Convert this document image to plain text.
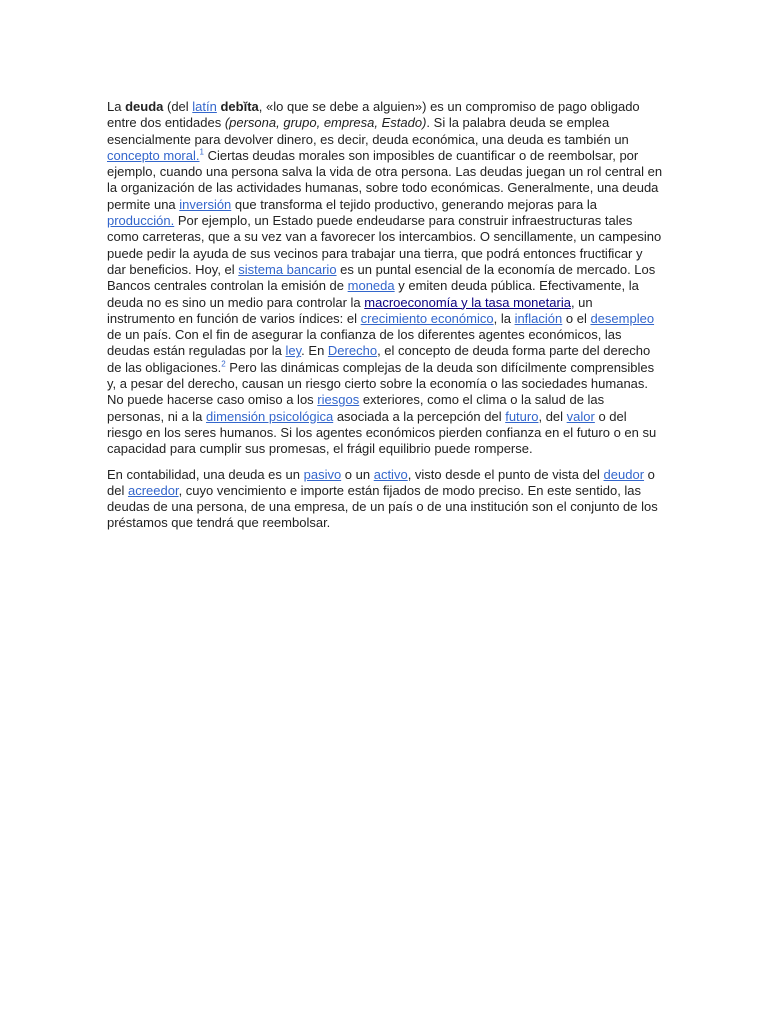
La deuda (del latín debĭta, «lo que se debe a alguien») es un compromiso de pago obligado entre dos entidades (persona, grupo, empresa, Estado). Si la palabra deuda se emplea esencialmente para devolver dinero, es decir, deuda económica, una deuda es también un concepto moral.$^1$ Ciertas deudas morales son imposibles de cuantificar o de reembolsar, por ejemplo, cuando una persona salva la vida de otra persona. Las deudas juegan un rol central en la organización de las actividades humanas, sobre todo económicas. Generalmente, una deuda permite una inversión que transforma el tejido productivo, generando mejoras para la producción. Por ejemplo, un Estado puede endeudarse para construir infraestructuras tales como carreteras, que a su vez van a favorecer los intercambios. O sencillamente, un campesino puede pedir la ayuda de sus vecinos para trabajar una tierra, que podrá entonces fructificar y dar beneficios. Hoy, el sistema bancario es un puntal esencial de la economía de mercado. Los Bancos centrales controlan la emisión de moneda y emiten deuda pública. Efectivamente, la deuda no es sino un medio para controlar la macroeconomía y la tasa monetaria, un instrumento en función de varios índices: el crecimiento económico, la inflación o el desempleo de un país. Con el fin de asegurar la confianza de los diferentes agentes económicos, las deudas están reguladas por la ley. En Derecho, el concepto de deuda forma parte del derecho de las obligaciones.$^2$ Pero las dinámicas complejas de la deuda son difícilmente comprensibles y, a pesar del derecho, causan un riesgo cierto sobre la economía o las sociedades humanas. No puede hacerse caso omiso a los riesgos exteriores, como el clima o la salud de las personas, ni a la dimensión psicológica asociada a la percepción del futuro, del valor o del riesgo en los seres humanos. Si los agentes económicos pierden confianza en el futuro o en su capacidad para cumplir sus promesas, el frágil equilibrio puede romperse.

En contabilidad, una deuda es un pasivo o un activo, visto desde el punto de vista del deudor o del acreedor, cuyo vencimiento e importe están fijados de modo preciso. En este sentido, las deudas de una persona, de una empresa, de un país o de una institución son el conjunto de los préstamos que tendrá que reembolsar.
